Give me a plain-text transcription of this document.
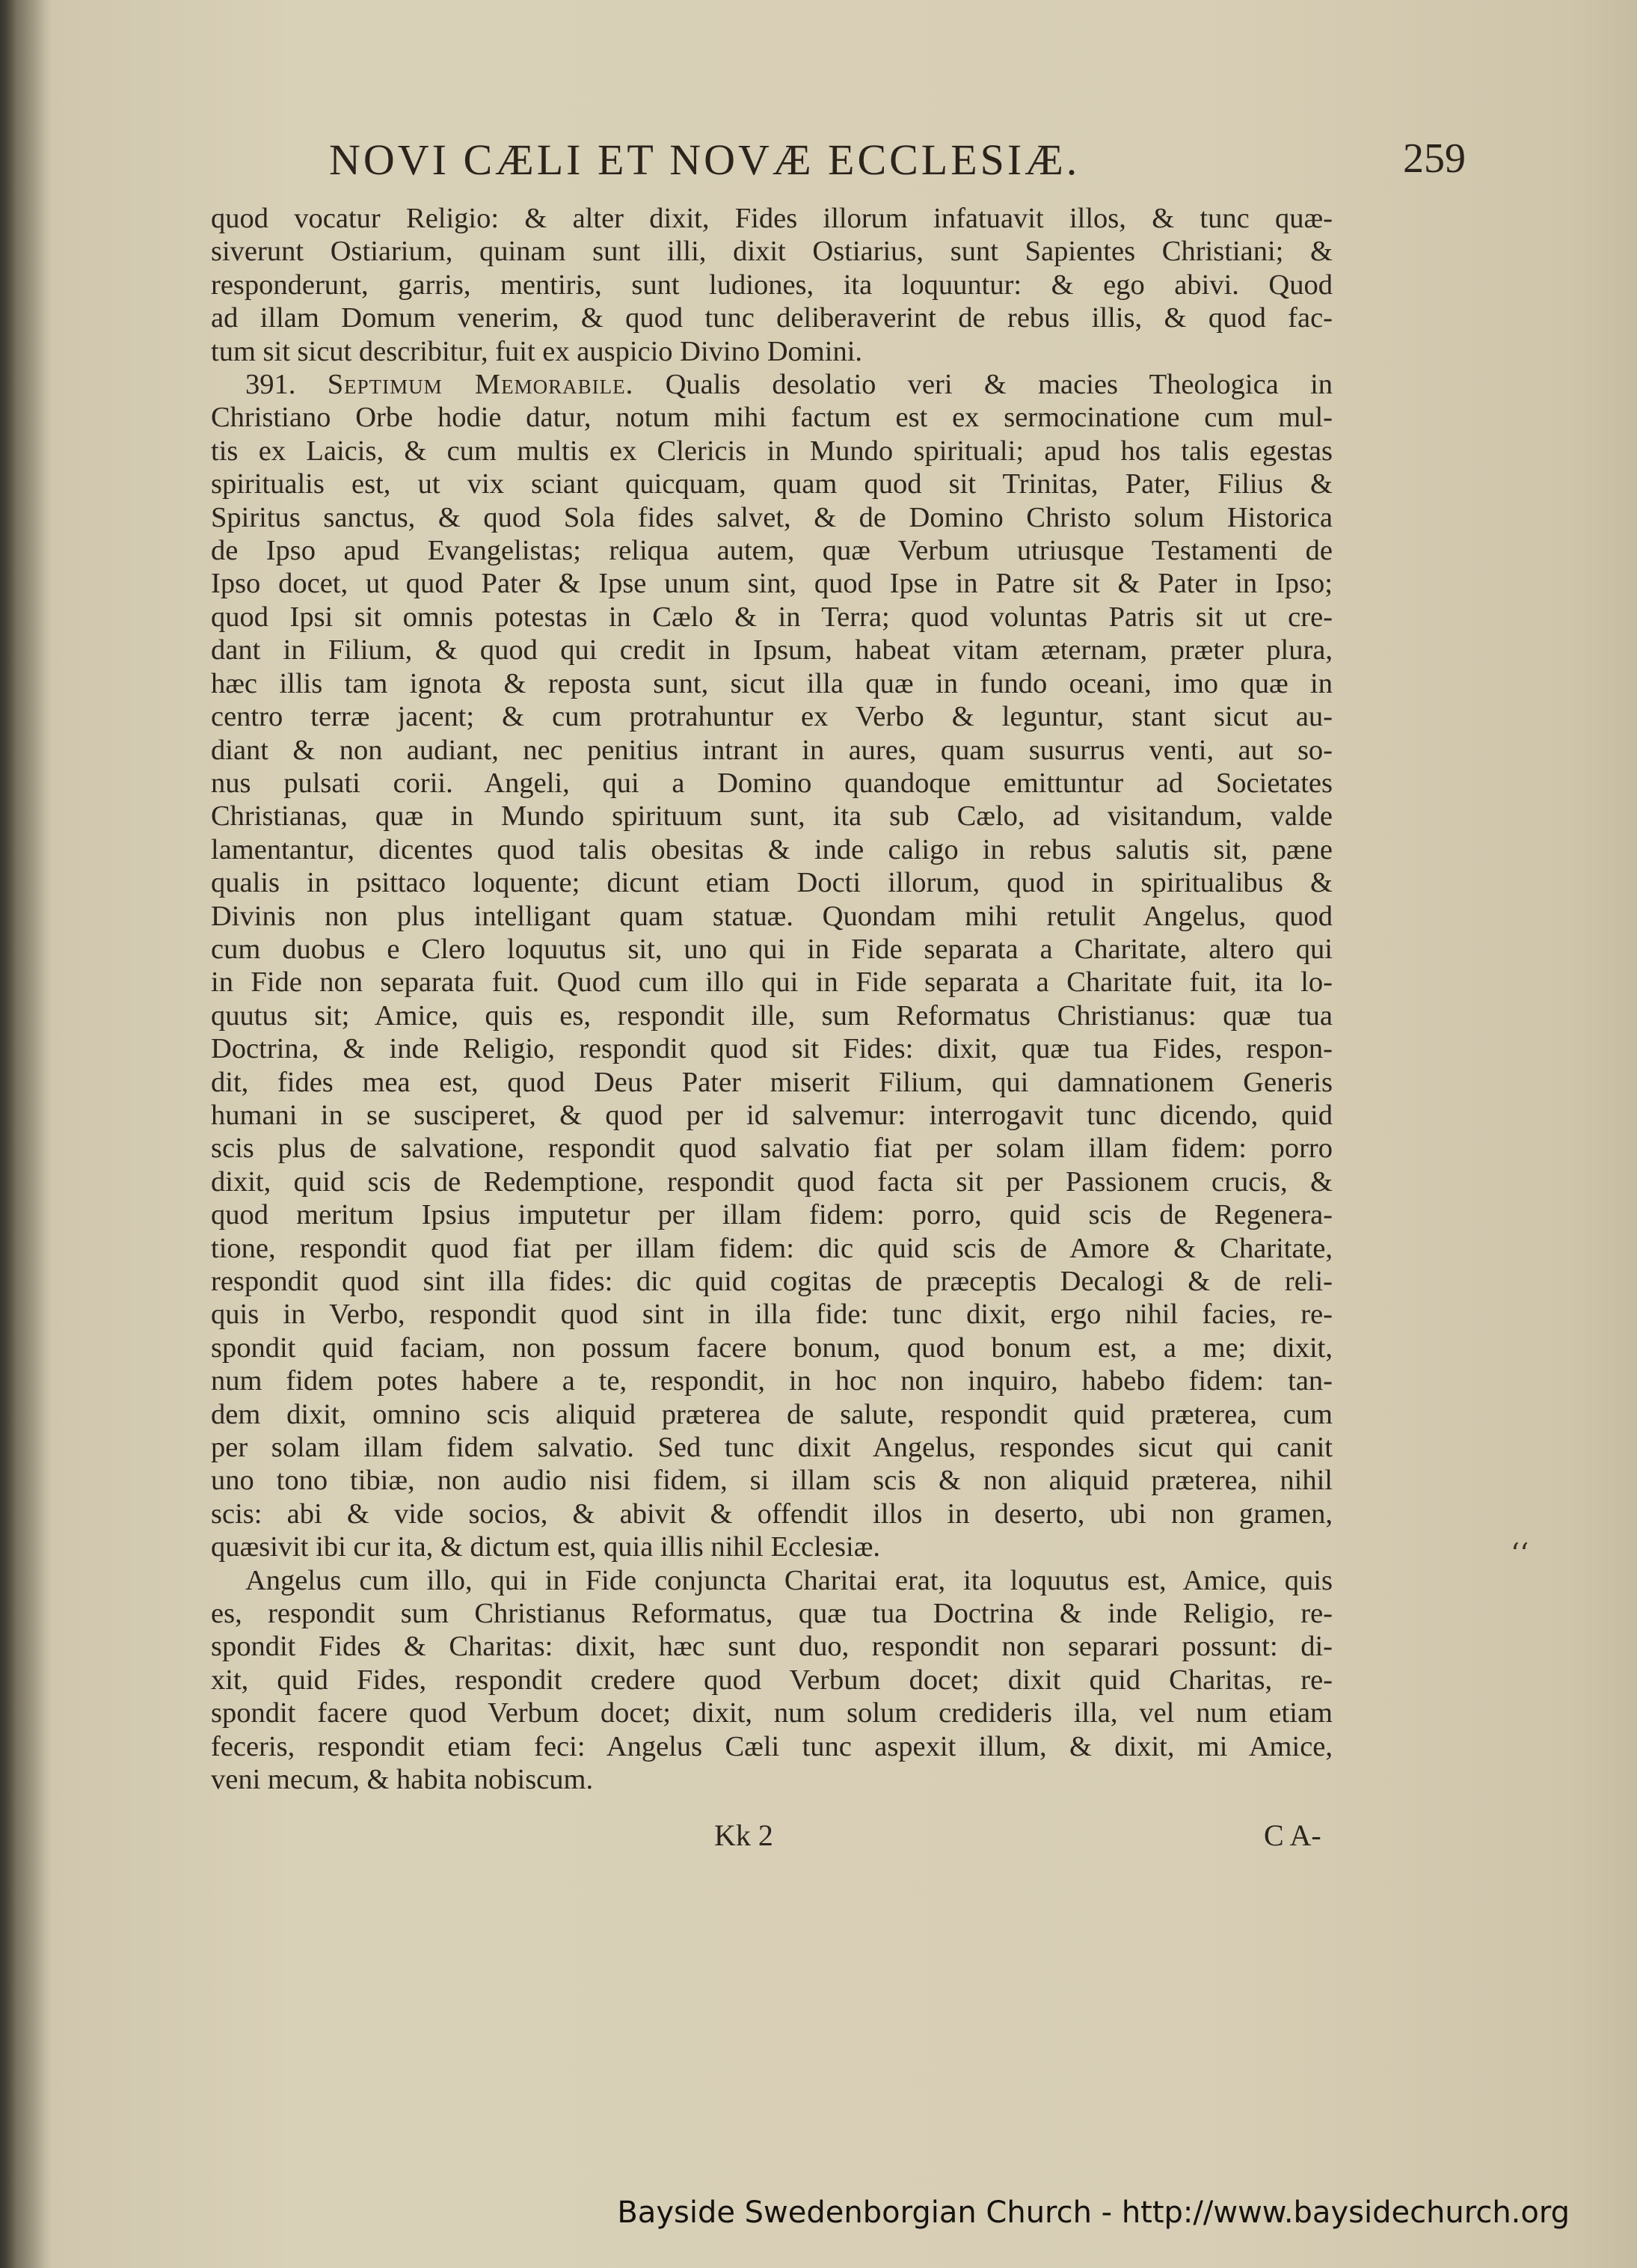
NOVI CÆLI ET NOVÆ ECCLESIÆ.	259
quod vocatur Religio: & alter dixit, Fides illorum infatuavit illos, & tunc quæ-
siverunt Ostiarium, quinam sunt illi, dixit Ostiarius, sunt Sapientes Christiani; &
responderunt, garris, mentiris, sunt ludiones, ita loquuntur: & ego abivi. Quod
ad illam Domum venerim, & quod tunc deliberaverint de rebus illis, & quod fac-
tum sit sicut describitur, fuit ex auspicio Divino Domini.
391. Septimum Memorabile. Qualis desolatio veri & macies Theologica in
Christiano Orbe hodie datur, notum mihi factum est ex sermocinatione cum mul-
tis ex Laicis, & cum multis ex Clericis in Mundo spirituali; apud hos talis egestas
spiritualis est, ut vix sciant quicquam, quam quod sit Trinitas, Pater, Filius &
Spiritus sanctus, & quod Sola fides salvet, & de Domino Christo solum Historica
de Ipso apud Evangelistas; reliqua autem, quæ Verbum utriusque Testamenti de
Ipso docet, ut quod Pater & Ipse unum sint, quod Ipse in Patre sit & Pater in Ipso;
quod Ipsi sit omnis potestas in Cælo & in Terra; quod voluntas Patris sit ut cre-
dant in Filium, & quod qui credit in Ipsum, habeat vitam æternam, præter plura,
hæc illis tam ignota & reposta sunt, sicut illa quæ in fundo oceani, imo quæ in
centro terræ jacent; & cum protrahuntur ex Verbo & leguntur, stant sicut au-
diant & non audiant, nec penitius intrant in aures, quam susurrus venti, aut so-
nus pulsati corii. Angeli, qui a Domino quandoque emittuntur ad Societates
Christianas, quæ in Mundo spirituum sunt, ita sub Cælo, ad visitandum, valde
lamentantur, dicentes quod talis obesitas & inde caligo in rebus salutis sit, pæne
qualis in psittaco loquente; dicunt etiam Docti illorum, quod in spiritualibus &
Divinis non plus intelligant quam statuæ. Quondam mihi retulit Angelus, quod
cum duobus e Clero loquutus sit, uno qui in Fide separata a Charitate, altero qui
in Fide non separata fuit. Quod cum illo qui in Fide separata a Charitate fuit, ita lo-
quutus sit; Amice, quis es, respondit ille, sum Reformatus Christianus: quæ tua
Doctrina, & inde Religio, respondit quod sit Fides: dixit, quæ tua Fides, respon-
dit, fides mea est, quod Deus Pater miserit Filium, qui damnationem Generis
humani in se susciperet, & quod per id salvemur: interrogavit tunc dicendo, quid
scis plus de salvatione, respondit quod salvatio fiat per solam illam fidem: porro
dixit, quid scis de Redemptione, respondit quod facta sit per Passionem crucis, &
quod meritum Ipsius imputetur per illam fidem: porro, quid scis de Regenera-
tione, respondit quod fiat per illam fidem: dic quid scis de Amore & Charitate,
respondit quod sint illa fides: dic quid cogitas de præceptis Decalogi & de reli-
quis in Verbo, respondit quod sint in illa fide: tunc dixit, ergo nihil facies, re-
spondit quid faciam, non possum facere bonum, quod bonum est, a me; dixit,
num fidem potes habere a te, respondit, in hoc non inquiro, habebo fidem: tan-
dem dixit, omnino scis aliquid præterea de salute, respondit quid præterea, cum
per solam illam fidem salvatio. Sed tunc dixit Angelus, respondes sicut qui canit
uno tono tibiæ, non audio nisi fidem, si illam scis & non aliquid præterea, nihil
scis: abi & vide socios, & abivit & offendit illos in deserto, ubi non gramen,
quæsivit ibi cur ita, & dictum est, quia illis nihil Ecclesiæ.
Angelus cum illo, qui in Fide conjuncta Charitai erat, ita loquutus est, Amice, quis
es, respondit sum Christianus Reformatus, quæ tua Doctrina & inde Religio, re-
spondit Fides & Charitas: dixit, hæc sunt duo, respondit non separari possunt: di-
xit, quid Fides, respondit credere quod Verbum docet; dixit quid Charitas, re-
spondit facere quod Verbum docet; dixit, num solum credideris illa, vel num etiam
feceris, respondit etiam feci: Angelus Cæli tunc aspexit illum, & dixit, mi Amice,
veni mecum, & habita nobiscum.
Kk 2	C A-
‘‘
Bayside Swedenborgian Church - http://www.baysidechurch.org
